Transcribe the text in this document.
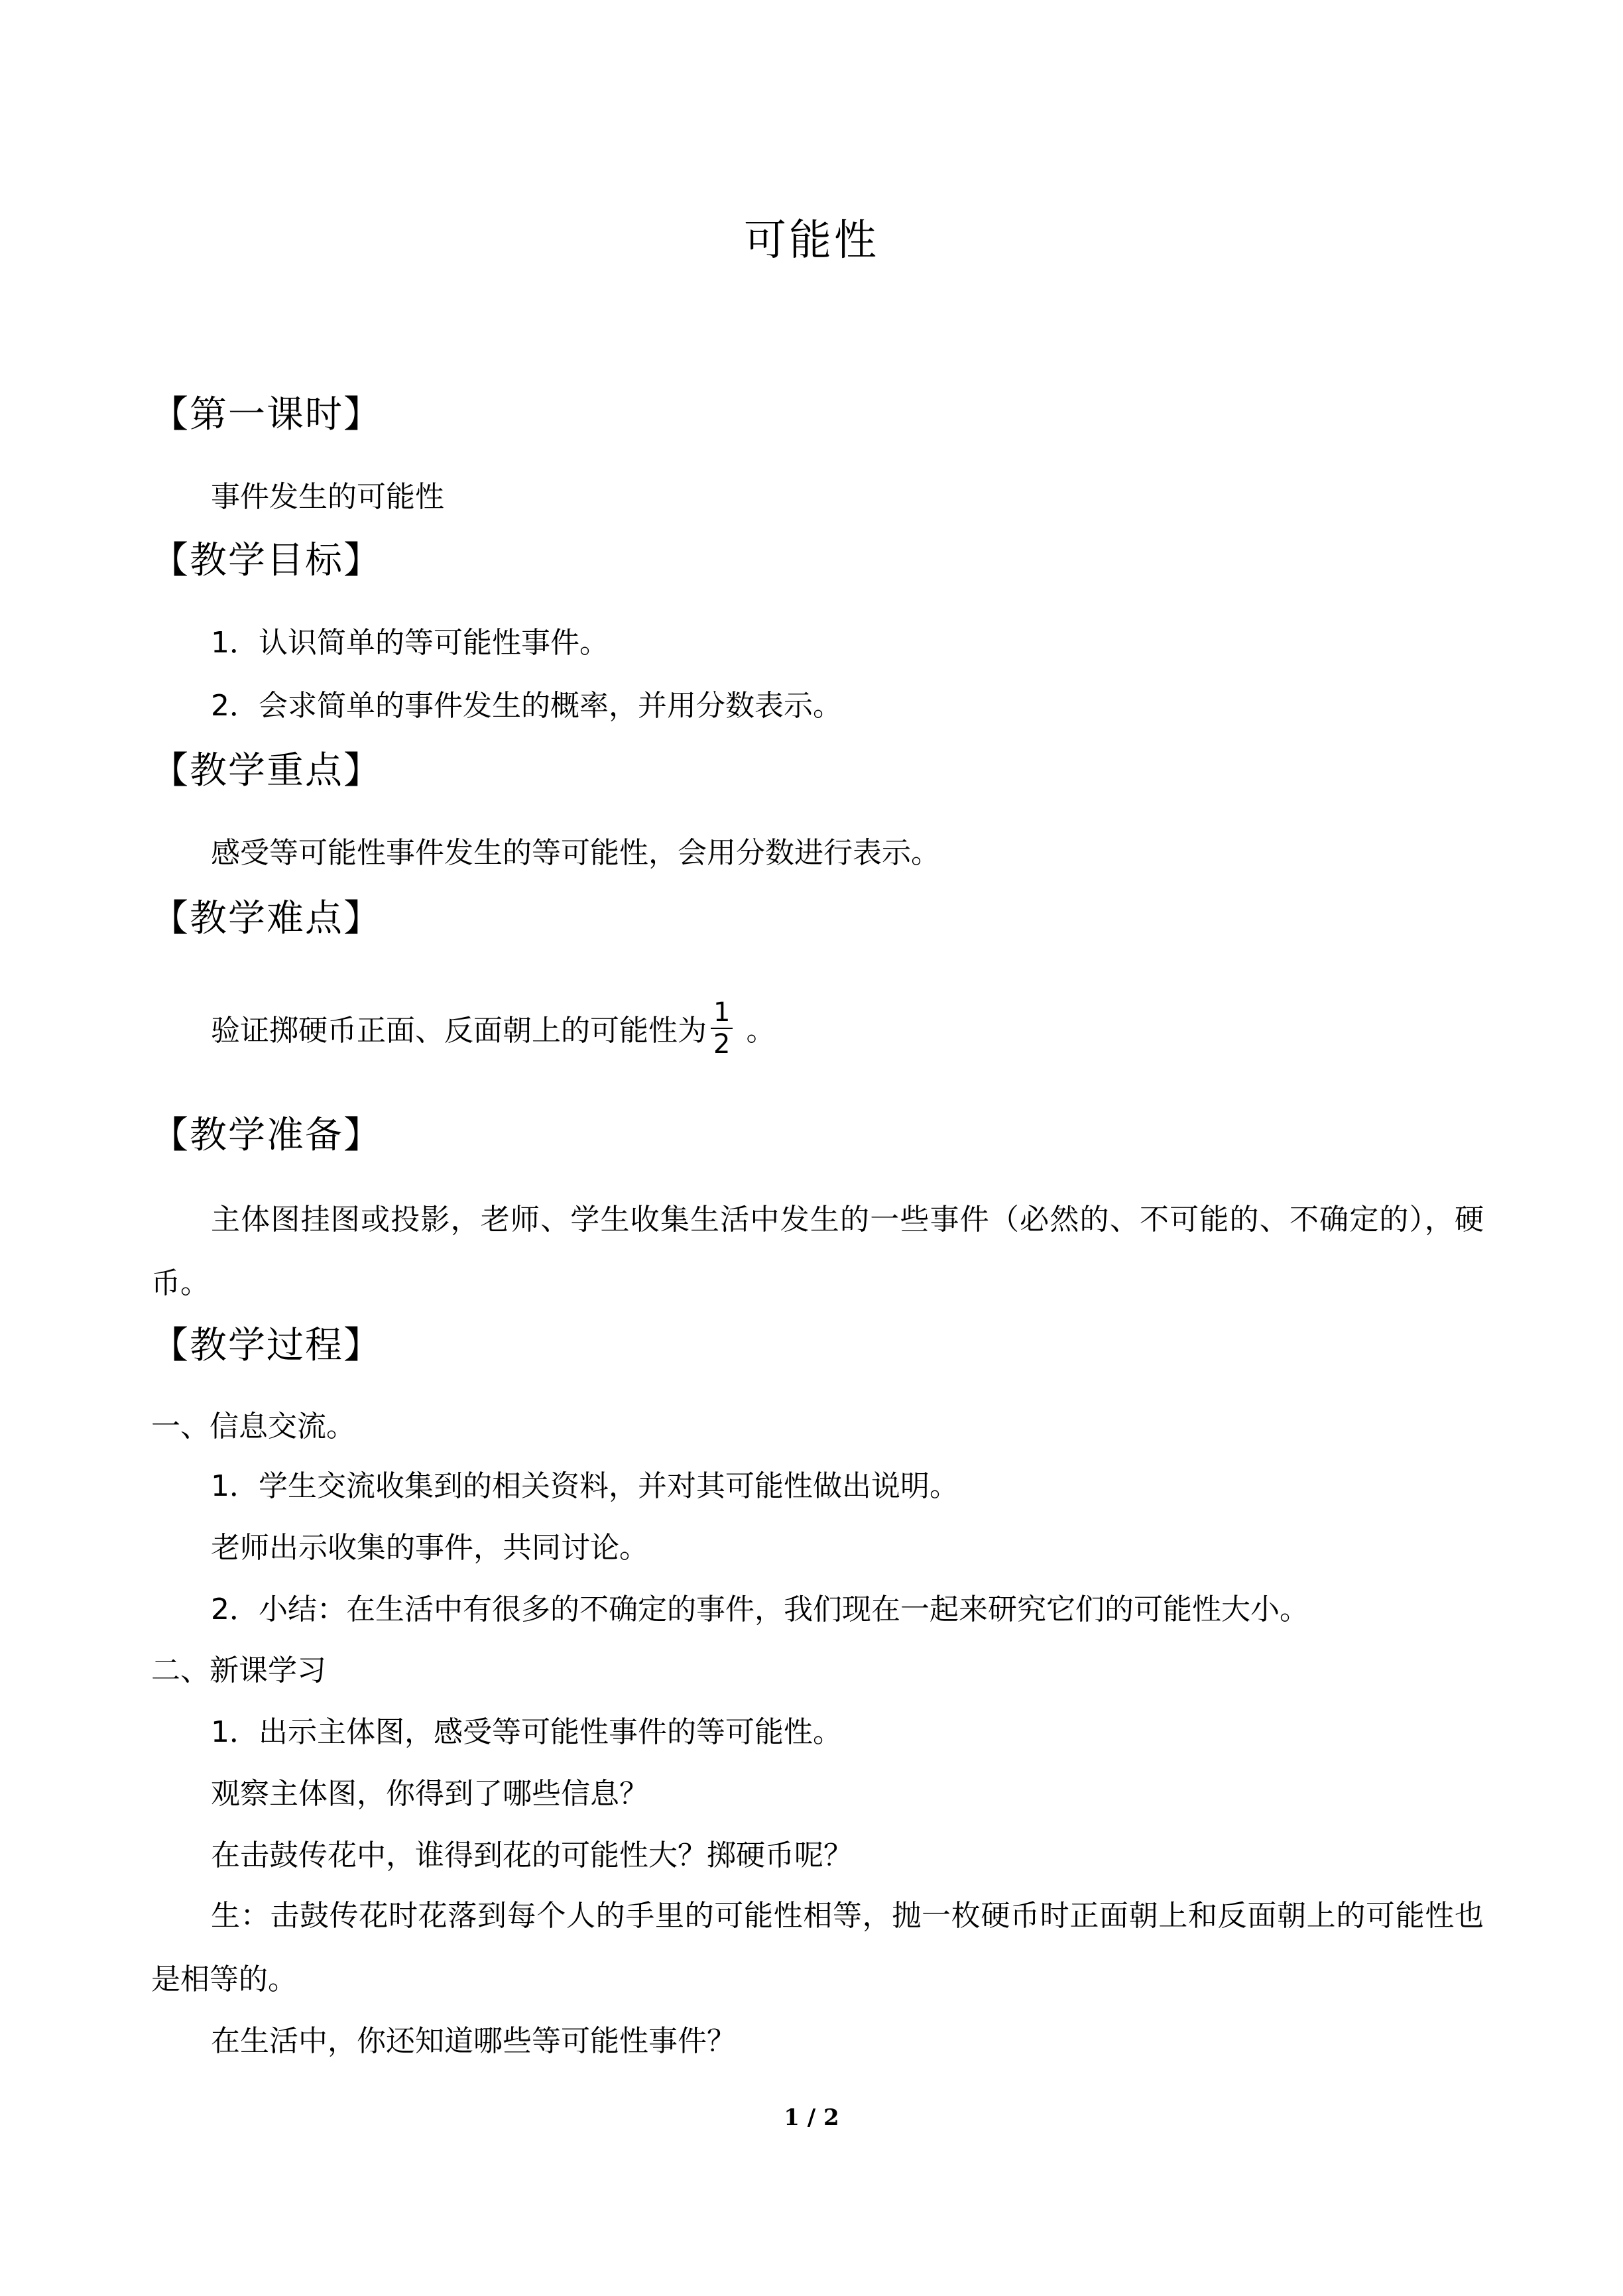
可能性
【第一课时】
事件发生的可能性
【教学目标】
1．认识简单的等可能性事件。
2．会求简单的事件发生的概率，并用分数表示。
【教学重点】
感受等可能性事件发生的等可能性，会用分数进行表示。
【教学难点】
验证掷硬币正面、反面朝上的可能性为 $\frac{1}{2}$ 。
【教学准备】
主体图挂图或投影，老师、学生收集生活中发生的一些事件（必然的、不可能的、不确定的），硬币。
【教学过程】
一、信息交流。
1．学生交流收集到的相关资料，并对其可能性做出说明。
老师出示收集的事件，共同讨论。
2．小结：在生活中有很多的不确定的事件，我们现在一起来研究它们的可能性大小。
二、新课学习
1．出示主体图，感受等可能性事件的等可能性。
观察主体图，你得到了哪些信息？
在击鼓传花中，谁得到花的可能性大？掷硬币呢？
生：击鼓传花时花落到每个人的手里的可能性相等，抛一枚硬币时正面朝上和反面朝上的可能性也是相等的。
在生活中，你还知道哪些等可能性事件？
1 / 2
